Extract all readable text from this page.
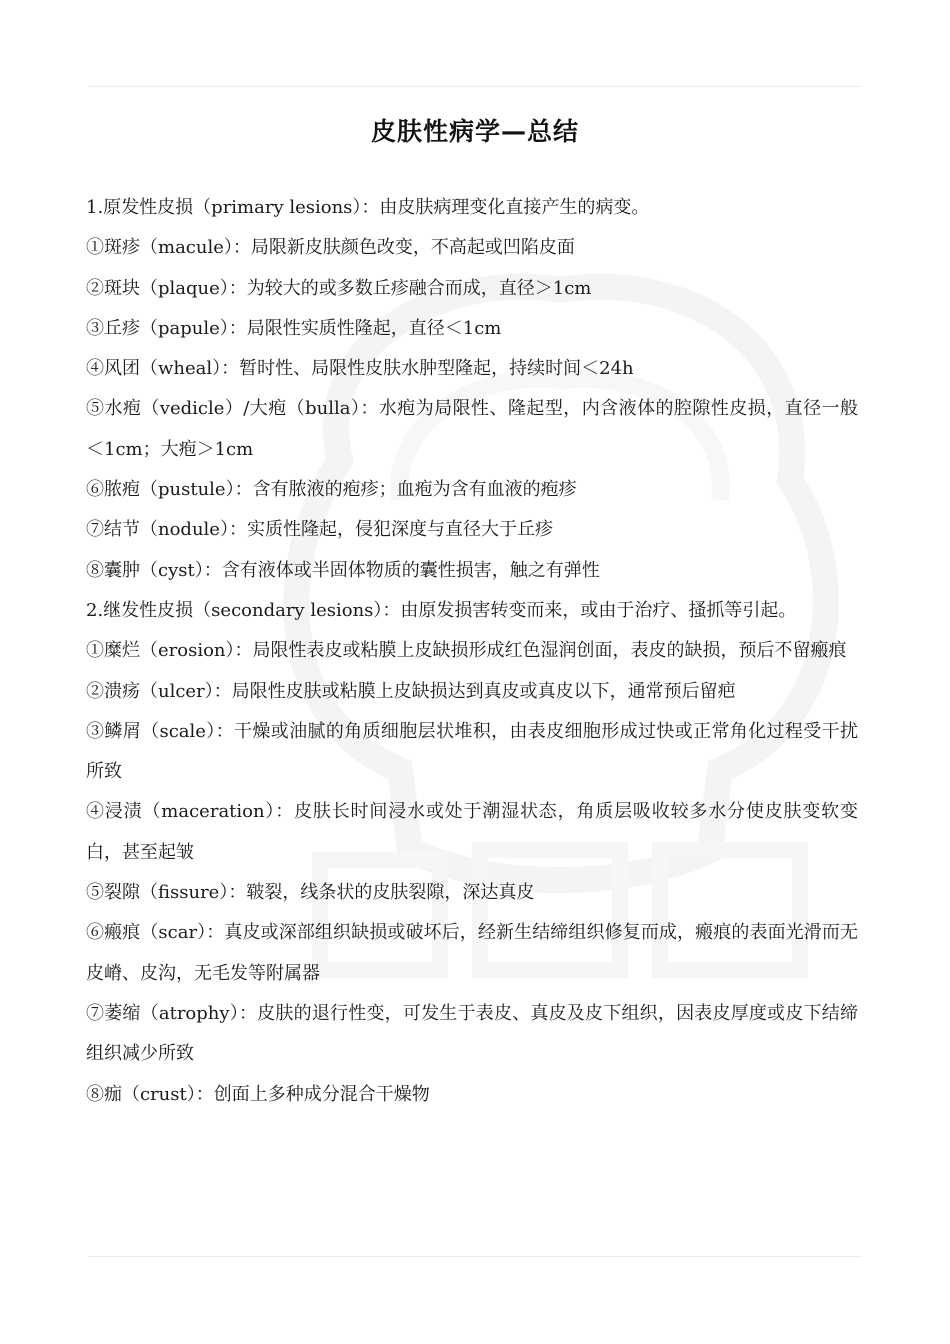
皮肤性病学—总结

1.原发性皮损（primary lesions）：由皮肤病理变化直接产生的病变。

①斑疹（macule）：局限新皮肤颜色改变，不高起或凹陷皮面

②斑块（plaque）：为较大的或多数丘疹融合而成，直径＞1cm

③丘疹（papule）：局限性实质性隆起，直径＜1cm

④风团（wheal）：暂时性、局限性皮肤水肿型隆起，持续时间＜24h

⑤水疱（vedicle）/大疱（bulla）：水疱为局限性、隆起型，内含液体的腔隙性皮损，直径一般＜1cm；大疱＞1cm

⑥脓疱（pustule）：含有脓液的疱疹；血疱为含有血液的疱疹

⑦结节（nodule）：实质性隆起，侵犯深度与直径大于丘疹

⑧囊肿（cyst）：含有液体或半固体物质的囊性损害，触之有弹性

2.继发性皮损（secondary lesions）：由原发损害转变而来，或由于治疗、搔抓等引起。

①糜烂（erosion）：局限性表皮或粘膜上皮缺损形成红色湿润创面，表皮的缺损，预后不留瘢痕

②溃疡（ulcer）：局限性皮肤或粘膜上皮缺损达到真皮或真皮以下，通常预后留疤

③鳞屑（scale）：干燥或油腻的角质细胞层状堆积，由表皮细胞形成过快或正常角化过程受干扰所致

④浸渍（maceration）：皮肤长时间浸水或处于潮湿状态，角质层吸收较多水分使皮肤变软变白，甚至起皱

⑤裂隙（fissure）：皲裂，线条状的皮肤裂隙，深达真皮

⑥瘢痕（scar）：真皮或深部组织缺损或破坏后，经新生结缔组织修复而成，瘢痕的表面光滑而无皮嵴、皮沟，无毛发等附属器

⑦萎缩（atrophy）：皮肤的退行性变，可发生于表皮、真皮及皮下组织，因表皮厚度或皮下结缔组织减少所致

⑧痂（crust）：创面上多种成分混合干燥物
